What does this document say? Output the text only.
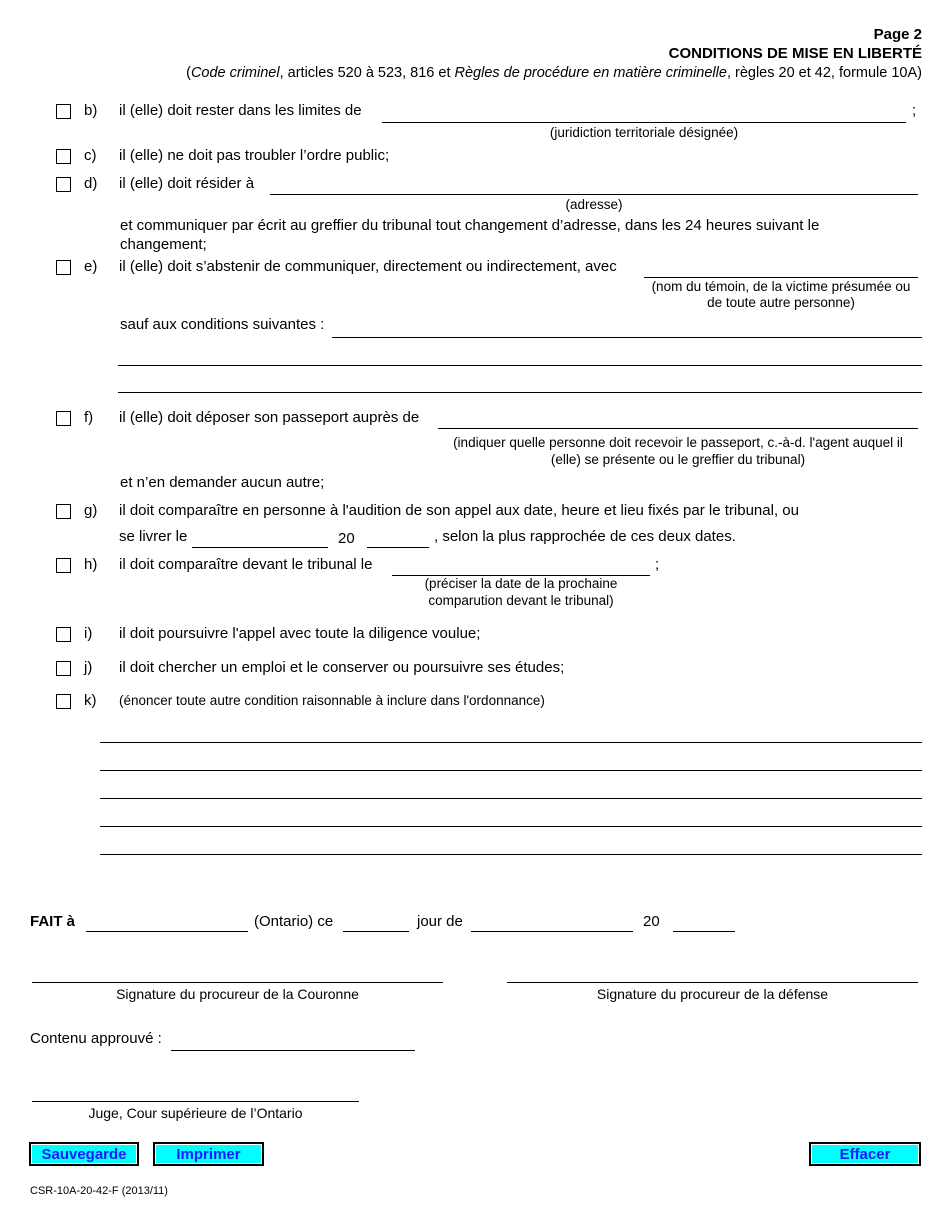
Page 2
CONDITIONS DE MISE EN LIBERTÉ
(Code criminel, articles 520 à 523, 816 et Règles de procédure en matière criminelle, règles 20 et 42, formule 10A)
b) il (elle) doit rester dans les limites de	;
(juridiction territoriale désignée)
c) il (elle) ne doit pas troubler l’ordre public;
d) il (elle) doit résider à
(adresse)
et communiquer par écrit au greffier du tribunal tout changement d’adresse, dans les 24 heures suivant le changement;
e) il (elle) doit s’abstenir de communiquer, directement ou indirectement, avec
(nom du témoin, de la victime présumée ou
de toute autre personne)
sauf aux conditions suivantes :
f) il (elle) doit déposer son passeport auprès de
(indiquer quelle personne doit recevoir le passeport, c.-à-d. l'agent auquel il
(elle) se présente ou le greffier du tribunal)
et n’en demander aucun autre;
g) il doit comparaître en personne à l'audition de son appel aux date, heure et lieu fixés par le tribunal, ou
se livrer le	20	, selon la plus rapprochée de ces deux dates.
h) il doit comparaître devant le tribunal le	;
(préciser la date de la prochaine
comparution devant le tribunal)
i) il doit poursuivre l'appel avec toute la diligence voulue;
j) il doit chercher un emploi et le conserver ou poursuivre ses études;
k) (énoncer toute autre condition raisonnable à inclure dans l'ordonnance)
FAIT à	(Ontario) ce	jour de	20
Signature du procureur de la Couronne	Signature du procureur de la défense
Contenu approuvé :
Juge, Cour supérieure de l’Ontario
Sauvegarde	Imprimer	Effacer
CSR-10A-20-42-F (2013/11)
